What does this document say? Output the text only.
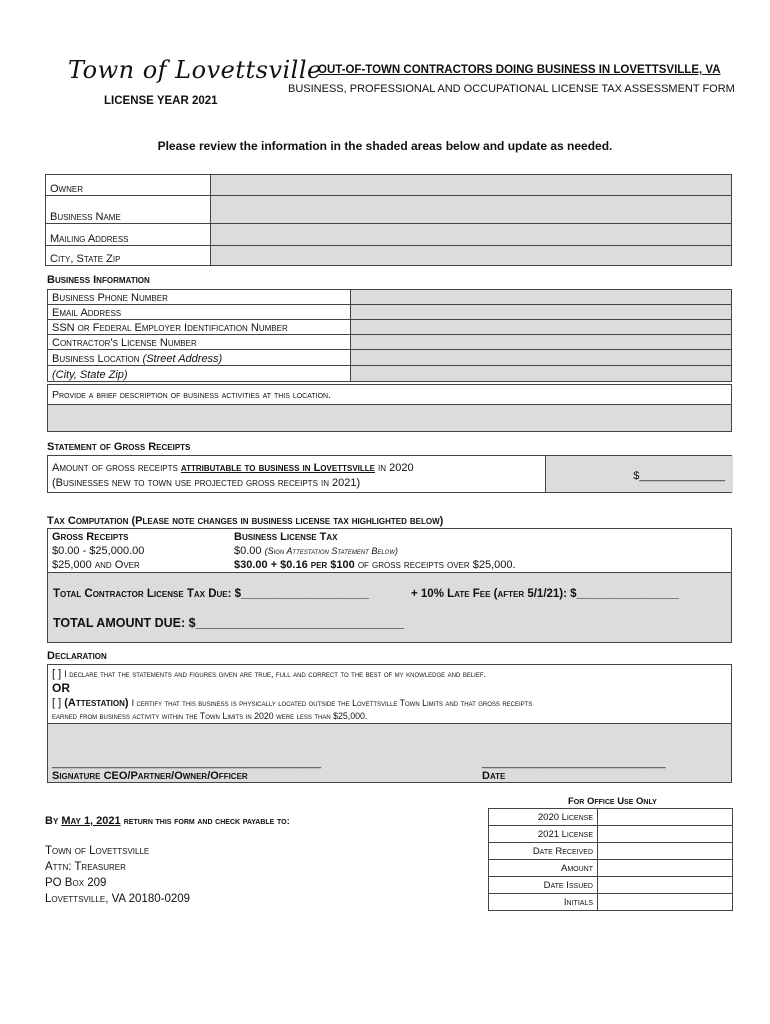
Town of Lovettsville
LICENSE YEAR 2021
OUT-OF-TOWN CONTRACTORS DOING BUSINESS IN LOVETTSVILLE, VA
BUSINESS, PROFESSIONAL AND OCCUPATIONAL LICENSE TAX ASSESSMENT FORM
Please review the information in the shaded areas below and update as needed.
Owner	
Business Name	
Mailing Address	
City, State Zip	
Business Information
Business Phone Number	
Email Address	
SSN or Federal Employer Identification Number	
Contractor's License Number	
Business Location (Street Address)	
(City, State Zip)	
Provide a brief description of business activities at this location.
Statement of Gross Receipts
Amount of gross receipts attributable to business in Lovettsville in 2020
(Businesses new to town use projected gross receipts in 2021)
$______________
Tax Computation (Please note changes in business license tax highlighted below)
Gross Receipts	Business License Tax
$0.00 - $25,000.00	$0.00 (Sign Attestation Statement Below)
$25,000 and Over	$30.00 + $0.16 per $100 of gross receipts over $25,000.
Total Contractor License Tax Due: $____________________	+ 10% Late Fee (after 5/1/21): $________________
TOTAL AMOUNT DUE: $______________________________
Declaration
[ ] I declare that the statements and figures given are true, full and correct to the best of my knowledge and belief.
OR
[ ] (Attestation) I certify that this business is physically located outside the Lovettsville Town Limits and that gross receipts
earned from business activity within the Town Limits in 2020 were less than $25,000.
____________________________________________	______________________________
Signature CEO/Partner/Owner/Officer	Date
By May 1, 2021 return this form and check payable to:
Town of Lovettsville
Attn: Treasurer
PO Box 209
Lovettsville, VA 20180-0209
For Office Use Only
2020 License	
2021 License	
Date Received	
Amount	
Date Issued	
Initials	
